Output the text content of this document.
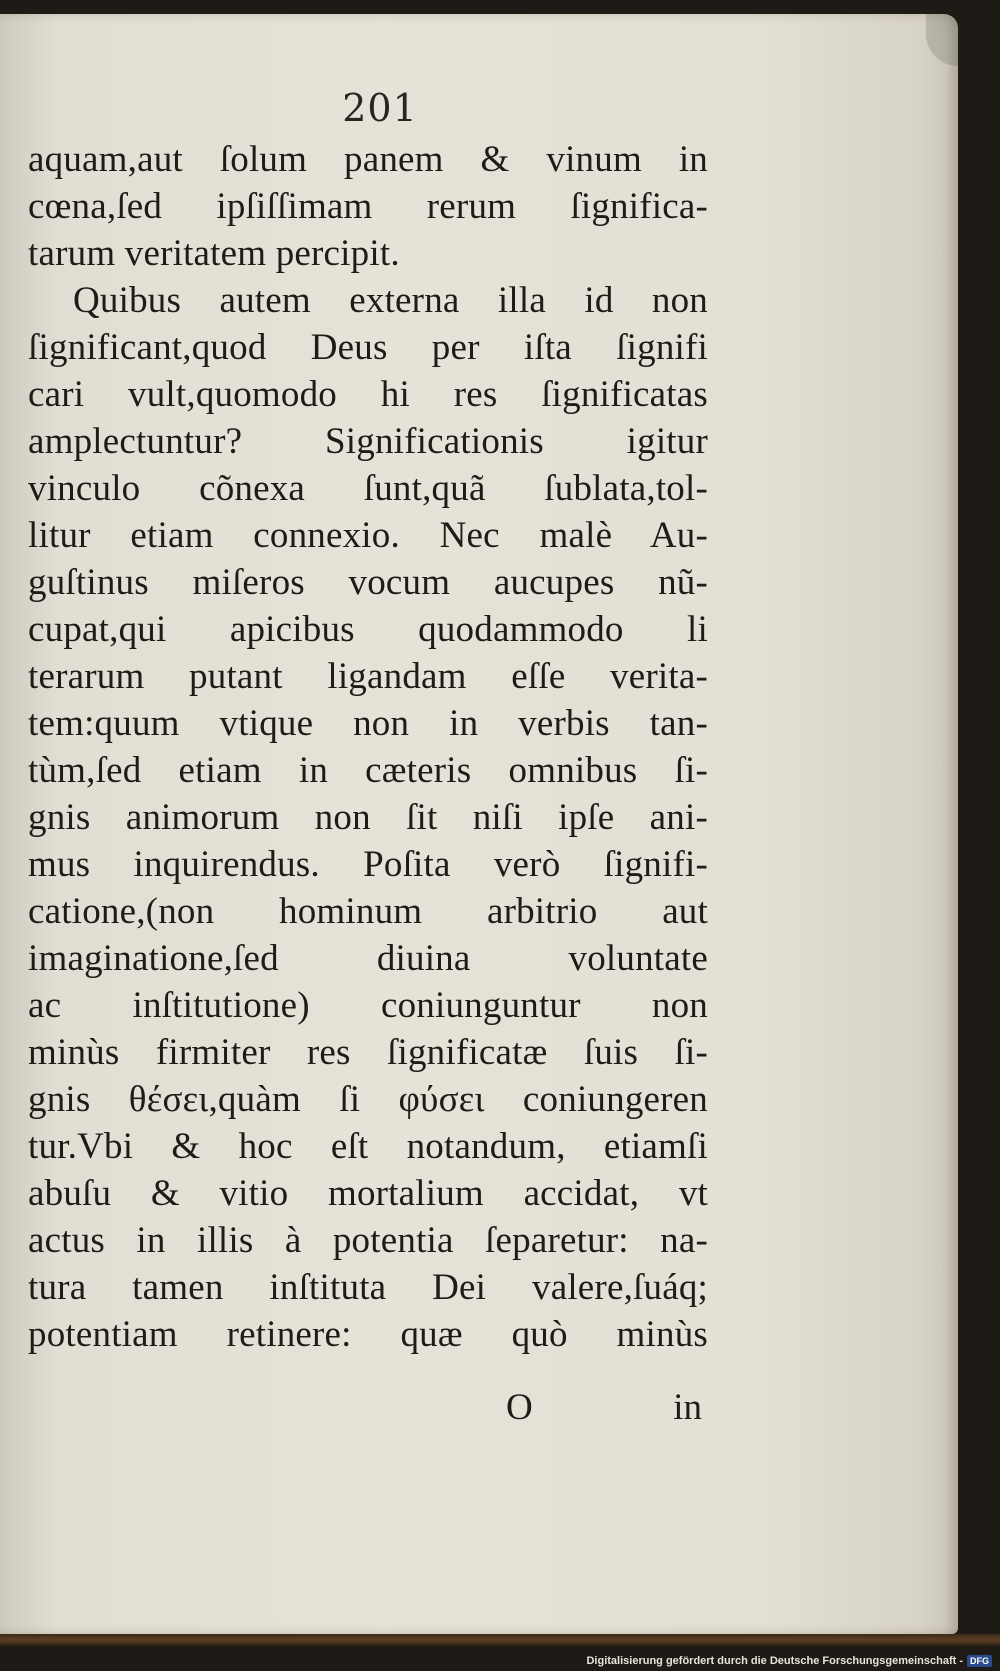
201
aquam,aut ſolum panem & vinum in
cœna,ſed ipſiſſimam rerum ſignifica-
tarum veritatem percipit.
Quibus autem externa illa id non
ſignificant,quod Deus per iſta ſignifi
cari vult,quomodo hi res ſignificatas
amplectuntur? Significationis igitur
vinculo cõnexa ſunt,quã ſublata,tol-
litur etiam connexio. Nec malè Au-
guſtinus miſeros vocum aucupes nũ-
cupat,qui apicibus quodammodo li
terarum putant ligandam eſſe verita-
tem:quum vtique non in verbis tan-
tùm,ſed etiam in cæteris omnibus ſi-
gnis animorum non ſit niſi ipſe ani-
mus inquirendus. Poſita verò ſignifi-
catione,(non hominum arbitrio aut
imaginatione,ſed diuina voluntate
ac inſtitutione) coniunguntur non
minùs firmiter res ſignificatæ ſuis ſi-
gnis θέσει,quàm ſi φύσει coniungeren
tur.Vbi & hoc eſt notandum, etiamſi
abuſu & vitio mortalium accidat, vt
actus in illis à potentia ſeparetur: na-
tura tamen inſtituta Dei valere,ſuáq;
potentiam retinere: quæ quò minùs
O	in
Digitalisierung gefördert durch die Deutsche Forschungsgemeinschaft - DFG
